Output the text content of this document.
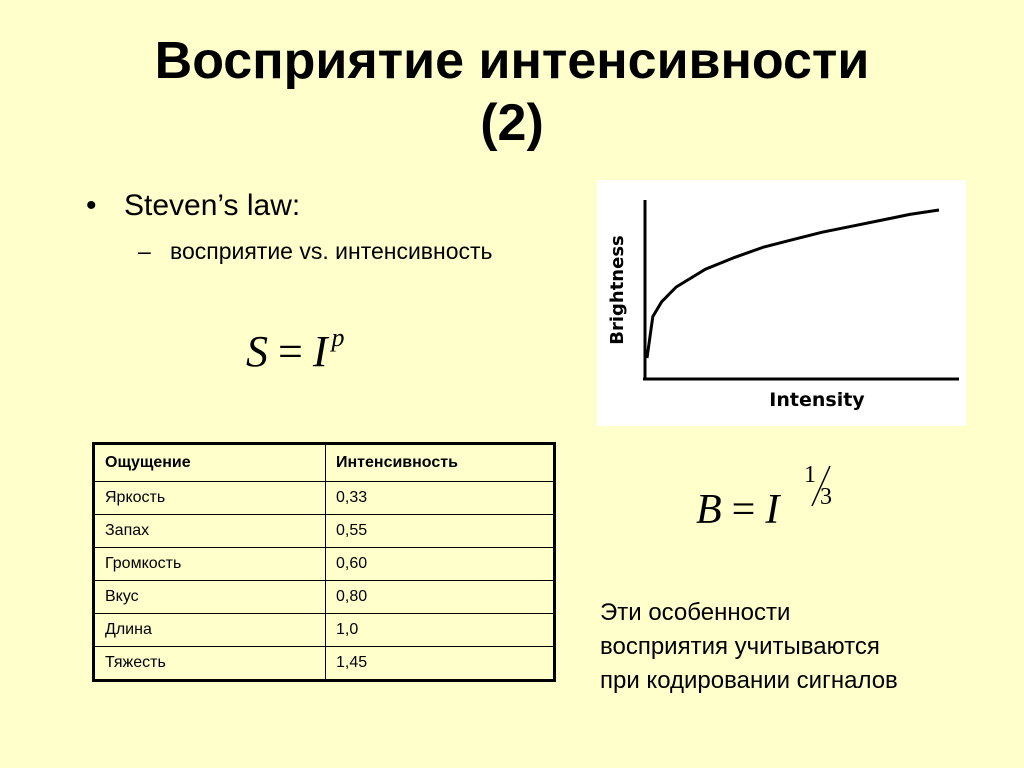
Восприятие интенсивности
(2)
• Steven’s law:
– восприятие vs. интенсивность
S = I $^p$
Intensity
Brightness
B = I
1
3
Ощущение	Интенсивность
Яркость	0,33
Запах	0,55
Громкость	0,60
Вкус	0,80
Длина	1,0
Тяжесть	1,45
Эти особенности
восприятия учитываются
при кодировании сигналов
